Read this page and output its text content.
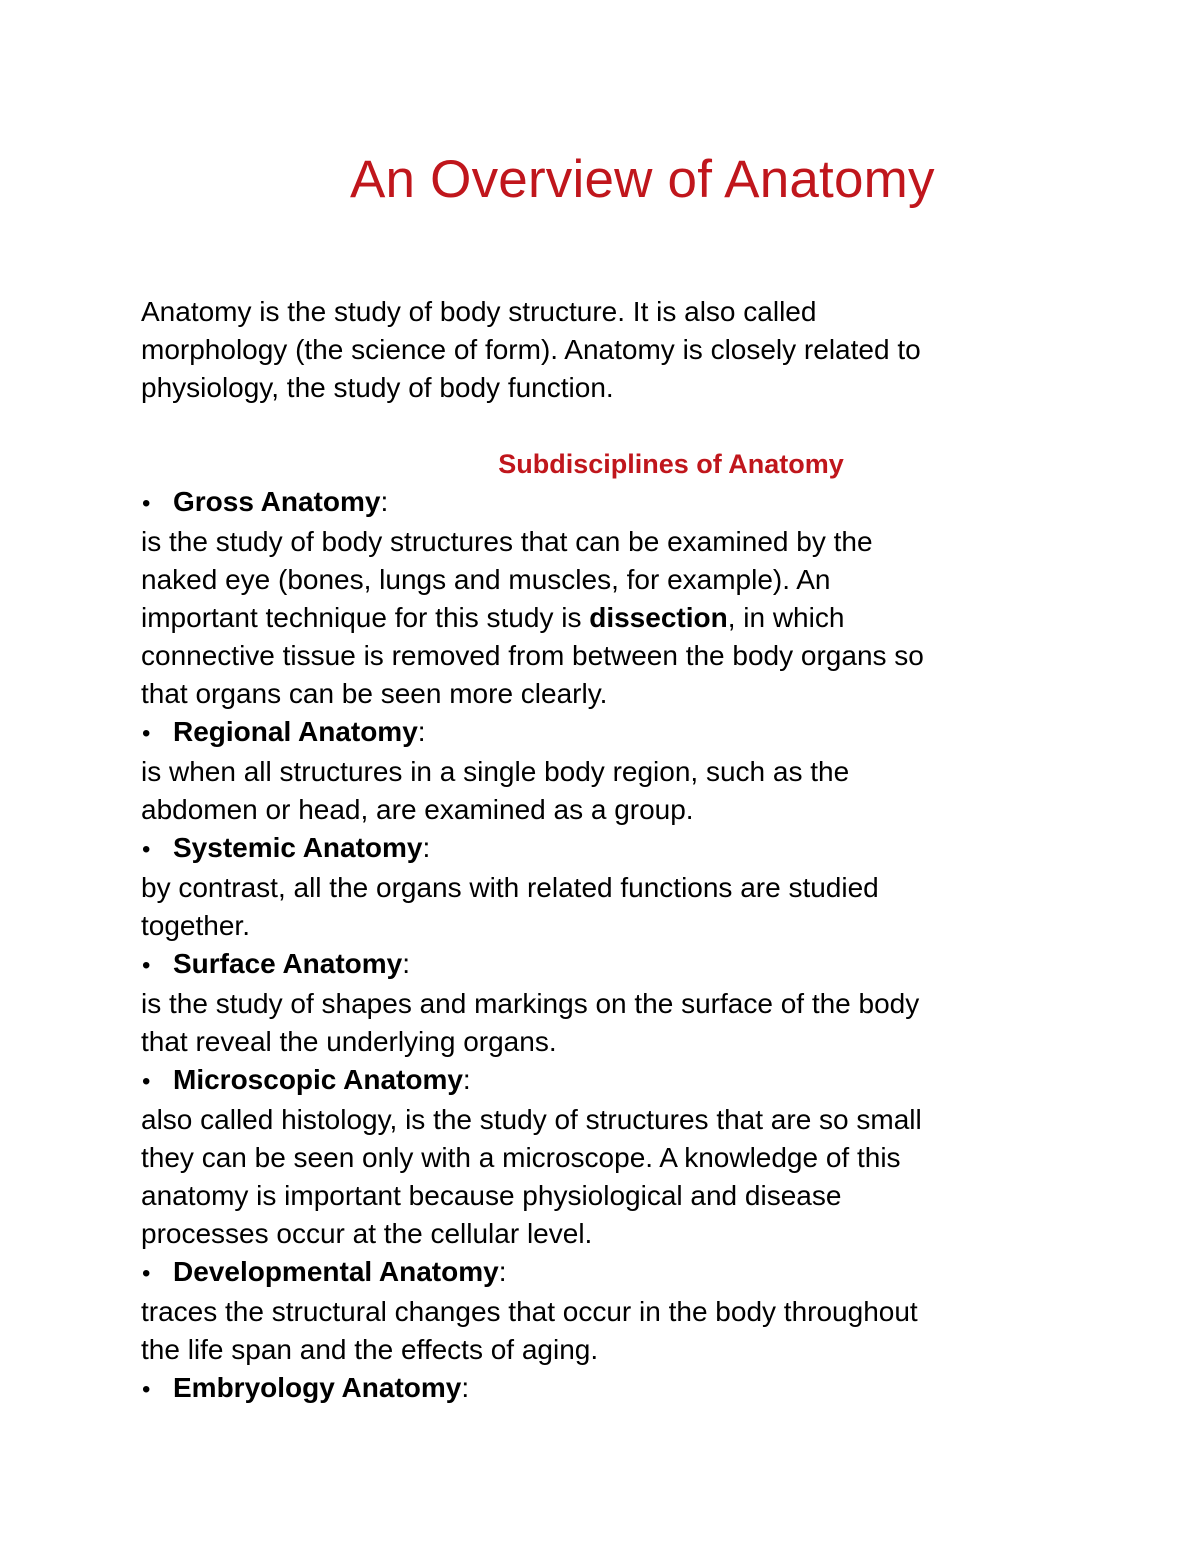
An Overview of Anatomy

Anatomy is the study of body structure. It is also called
morphology (the science of form). Anatomy is closely related to
physiology, the study of body function.

Subdisciplines of Anatomy

• Gross Anatomy:

is the study of body structures that can be examined by the
naked eye (bones, lungs and muscles, for example). An
important technique for this study is dissection, in which
connective tissue is removed from between the body organs so
that organs can be seen more clearly.

• Regional Anatomy:

is when all structures in a single body region, such as the
abdomen or head, are examined as a group.

• Systemic Anatomy:

by contrast, all the organs with related functions are studied
together.

• Surface Anatomy:

is the study of shapes and markings on the surface of the body
that reveal the underlying organs.

• Microscopic Anatomy:

also called histology, is the study of structures that are so small
they can be seen only with a microscope. A knowledge of this
anatomy is important because physiological and disease
processes occur at the cellular level.

• Developmental Anatomy:

traces the structural changes that occur in the body throughout
the life span and the effects of aging.

• Embryology Anatomy:
